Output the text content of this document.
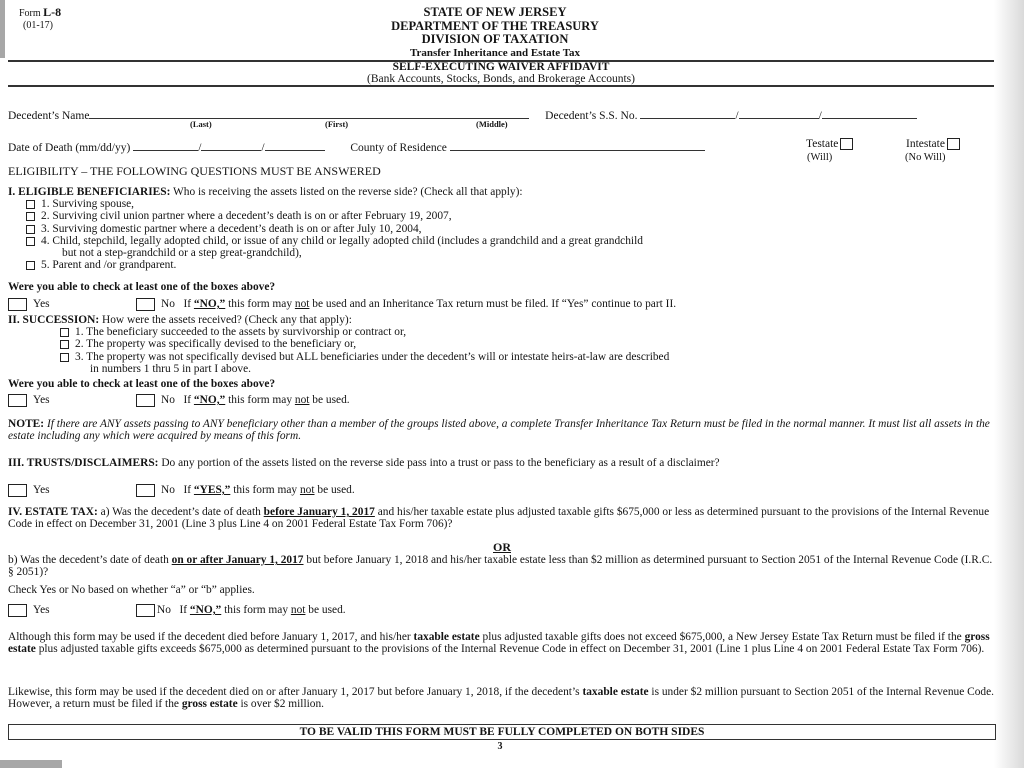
Form L-8
(01-17)
STATE OF NEW JERSEY
DEPARTMENT OF THE TREASURY
DIVISION OF TAXATION
Transfer Inheritance and Estate Tax
SELF-EXECUTING WAIVER AFFIDAVIT
(Bank Accounts, Stocks, Bonds, and Brokerage Accounts)
Decedent’s Name	Decedent’s S.S. No.	/	/
(Last)	(First)	(Middle)
Date of Death (mm/dd/yy)	/	/	County of Residence	Testate
(Will)
Intestate
(No Will)
ELIGIBILITY – THE FOLLOWING QUESTIONS MUST BE ANSWERED
I. ELIGIBLE BENEFICIARIES: Who is receiving the assets listed on the reverse side? (Check all that apply):
1. Surviving spouse,
2. Surviving civil union partner where a decedent’s death is on or after February 19, 2007,
3. Surviving domestic partner where a decedent’s death is on or after July 10, 2004,
4. Child, stepchild, legally adopted child, or issue of any child or legally adopted child (includes a grandchild and a great grandchild
but not a step-grandchild or a step great-grandchild),
5. Parent and /or grandparent.
Were you able to check at least one of the boxes above?
Yes	No If “NO,” this form may not be used and an Inheritance Tax return must be filed. If “Yes” continue to part II.
II. SUCCESSION: How were the assets received? (Check any that apply):
1. The beneficiary succeeded to the assets by survivorship or contract or,
2. The property was specifically devised to the beneficiary or,
3. The property was not specifically devised but ALL beneficiaries under the decedent’s will or intestate heirs-at-law are described
in numbers 1 thru 5 in part I above.
Were you able to check at least one of the boxes above?
Yes	No If “NO,” this form may not be used.
NOTE: If there are ANY assets passing to ANY beneficiary other than a member of the groups listed above, a complete Transfer Inheritance Tax Return must be filed in the normal manner. It must list all assets in the estate including any which were acquired by means of this form.
III. TRUSTS/DISCLAIMERS: Do any portion of the assets listed on the reverse side pass into a trust or pass to the beneficiary as a result of a disclaimer?
Yes	No If “YES,” this form may not be used.
IV. ESTATE TAX: a) Was the decedent’s date of death before January 1, 2017 and his/her taxable estate plus adjusted taxable gifts $675,000 or less as determined pursuant to the provisions of the Internal Revenue Code in effect on December 31, 2001 (Line 3 plus Line 4 on 2001 Federal Estate Tax Form 706)?
OR
b) Was the decedent’s date of death on or after January 1, 2017 but before January 1, 2018 and his/her taxable estate less than $2 million as determined pursuant to Section 2051 of the Internal Revenue Code (I.R.C. § 2051)?
Check Yes or No based on whether “a” or “b” applies.
Yes	No If “NO,” this form may not be used.
Although this form may be used if the decedent died before January 1, 2017, and his/her taxable estate plus adjusted taxable gifts does not exceed $675,000, a New Jersey Estate Tax Return must be filed if the gross estate plus adjusted taxable gifts exceeds $675,000 as determined pursuant to the provisions of the Internal Revenue Code in effect on December 31, 2001 (Line 1 plus Line 4 on 2001 Federal Estate Tax Form 706).
Likewise, this form may be used if the decedent died on or after January 1, 2017 but before January 1, 2018, if the decedent’s taxable estate is under $2 million pursuant to Section 2051 of the Internal Revenue Code. However, a return must be filed if the gross estate is over $2 million.
TO BE VALID THIS FORM MUST BE FULLY COMPLETED ON BOTH SIDES
3
